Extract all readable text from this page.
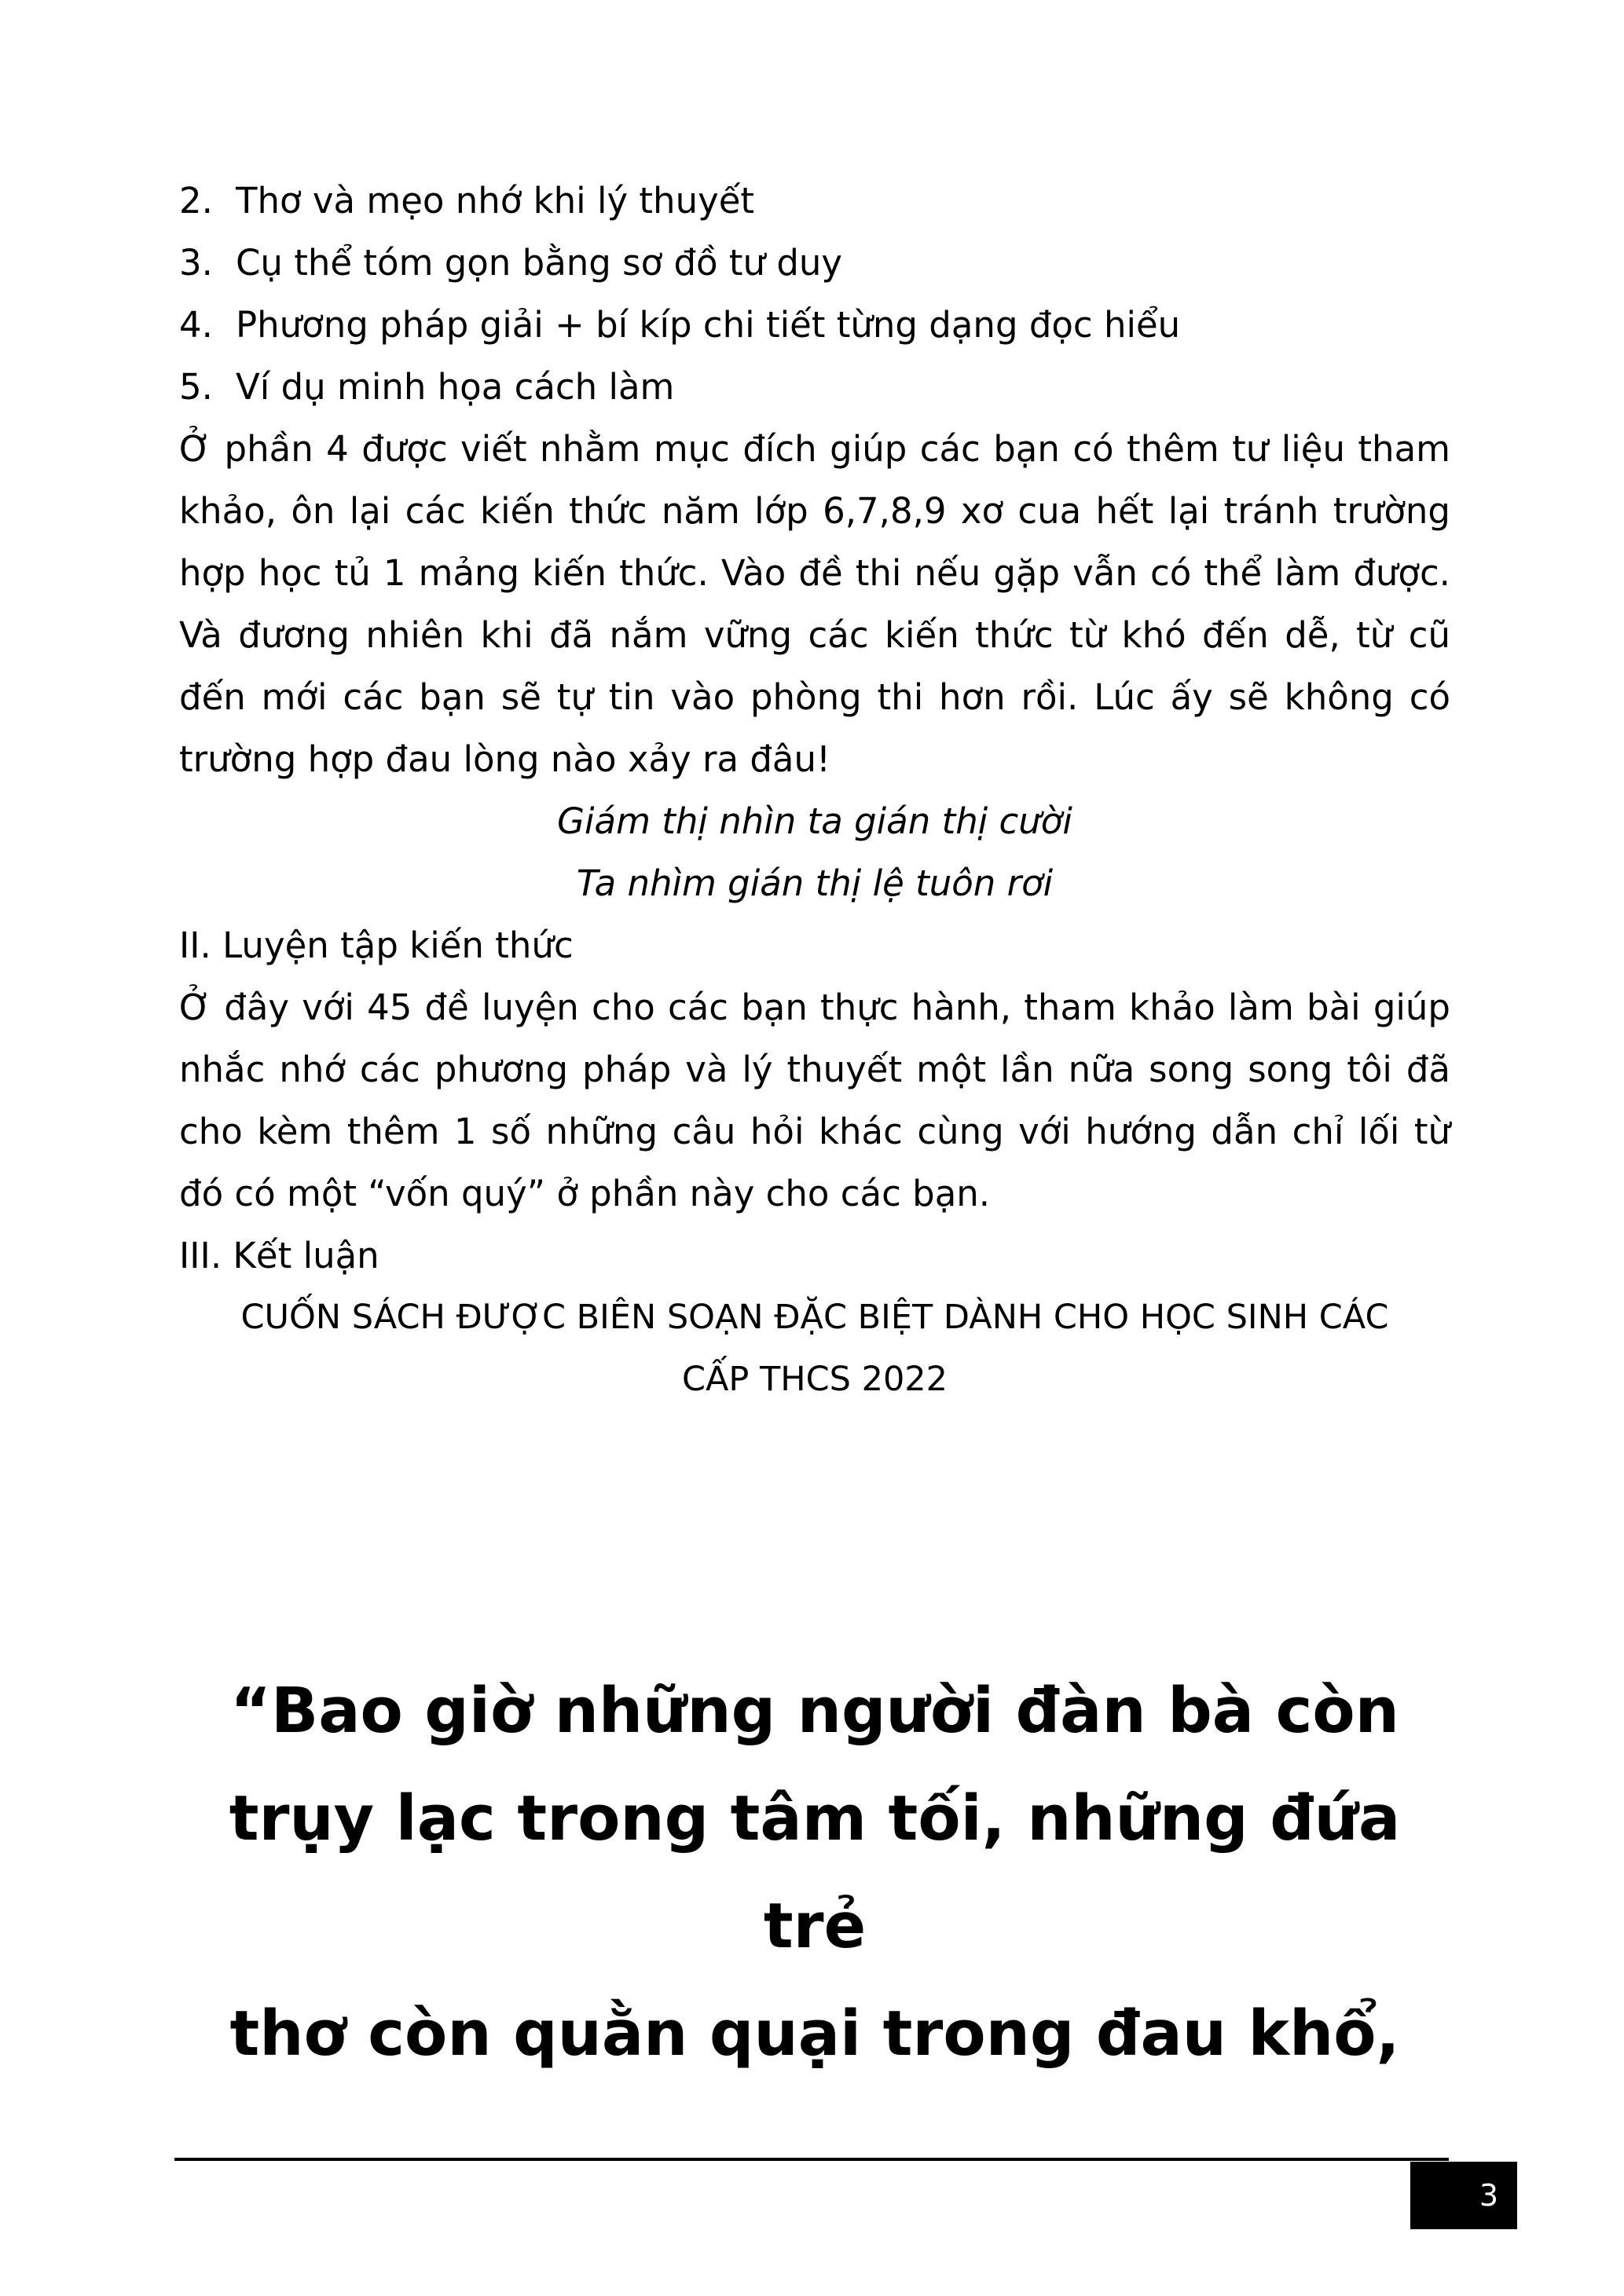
2. Thơ và mẹo nhớ khi lý thuyết
3. Cụ thể tóm gọn bằng sơ đồ tư duy
4. Phương pháp giải + bí kíp chi tiết từng dạng đọc hiểu
5. Ví dụ minh họa cách làm

Ở phần 4 được viết nhằm mục đích giúp các bạn có thêm tư liệu tham

khảo, ôn lại các kiến thức năm lớp 6,7,8,9 xơ cua hết lại tránh trường

hợp học tủ 1 mảng kiến thức. Vào đề thi nếu gặp vẫn có thể làm được.

Và đương nhiên khi đã nắm vững các kiến thức từ khó đến dễ, từ cũ

đến mới các bạn sẽ tự tin vào phòng thi hơn rồi. Lúc ấy sẽ không có

trường hợp đau lòng nào xảy ra đâu!

Giám thị nhìn ta gián thị cười

Ta nhìm gián thị lệ tuôn rơi

II. Luyện tập kiến thức

Ở đây với 45 đề luyện cho các bạn thực hành, tham khảo làm bài giúp

nhắc nhớ các phương pháp và lý thuyết một lần nữa song song tôi đã

cho kèm thêm 1 số những câu hỏi khác cùng với hướng dẫn chỉ lối từ

đó có một “vốn quý” ở phần này cho các bạn.

III. Kết luận

CUỐN SÁCH ĐƯỢC BIÊN SOẠN ĐẶC BIỆT DÀNH CHO HỌC SINH CÁC

CẤP THCS 2022

“Bao giờ những người đàn bà còn
trụy lạc trong tâm tối, những đứa trẻ
thơ còn quằn quại trong đau khổ,
3
